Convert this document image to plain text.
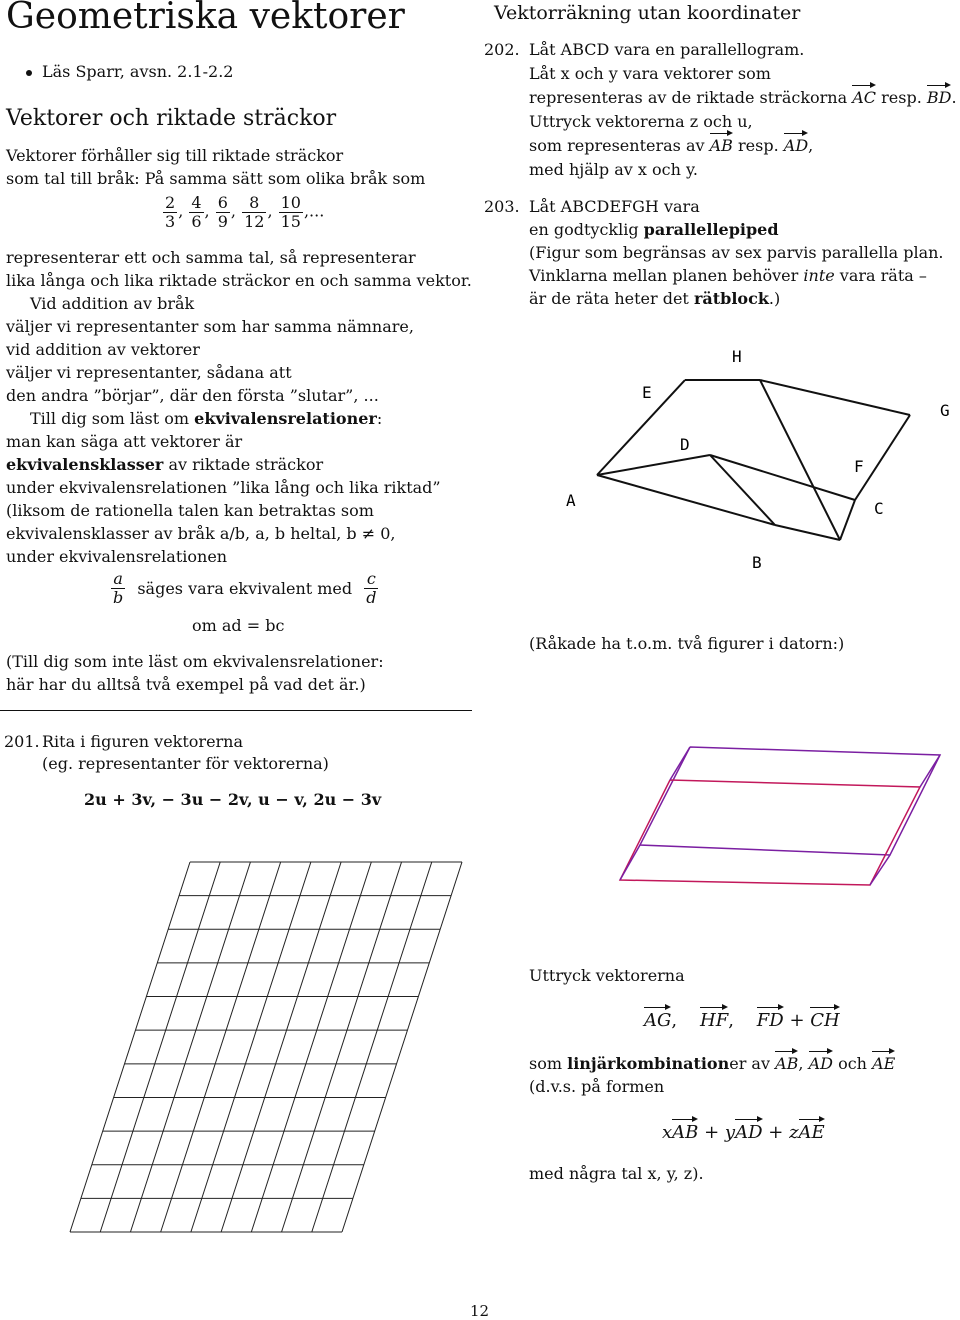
Geometriska vektorer
Läs Sparr, avsn. 2.1-2.2
Vektorer och riktade sträckor
Vektorer förhåller sig till riktade sträckor
som tal till bråk: På samma sätt som olika bråk som
$\frac{2}{3}$ , $\frac{4}{6}$ , $\frac{6}{9}$ , $\frac{8}{12}$ , $\frac{10}{15}$ ,...
representerar ett och samma tal, så representerar
lika långa och lika riktade sträckor en och samma vektor.
Vid addition av bråk
väljer vi representanter som har samma nämnare,
vid addition av vektorer
väljer vi representanter, sådana att
den andra ”börjar”, där den första ”slutar”, ...
Till dig som läst om ekvivalensrelationer:
man kan säga att vektorer är
ekvivalensklasser av riktade sträckor
under ekvivalensrelationen ”lika lång och lika riktad”
(liksom de rationella talen kan betraktas som
ekvivalensklasser av bråk a/b, a, b heltal, b ≠ 0,
under ekvivalensrelationen
$\frac{a}{b}$ säges vara ekvivalent med $\frac{c}{d}$
om ad = bc
(Till dig som inte läst om ekvivalensrelationer:
här har du alltså två exempel på vad det är.)
201. Rita i figuren vektorerna
(eg. representanter för vektorerna)
2u + 3v, − 3u − 2v, u − v, 2u − 3v
Vektorräkning utan koordinater
202. Låt ABCD vara en parallellogram.
Låt x och y vara vektorer som
representeras av de riktade sträckorna AC resp. BD.
Uttryck vektorerna z och u,
som representeras av AB resp. AD,
med hjälp av x och y.
203. Låt ABCDEFGH vara
en godtycklig parallellepiped
(Figur som begränsas av sex parvis parallella plan.
Vinklarna mellan planen behöver inte vara räta –
är de räta heter det rätblock.)
A
B
C
D
E
F
G
H
(Råkade ha t.o.m. två figurer i datorn:)
Uttryck vektorerna
AG,    HF,    FD + CH
som linjärkombinationer av AB, AD och AE
(d.v.s. på formen
xAB + yAD + zAE
med några tal x, y, z).
12
